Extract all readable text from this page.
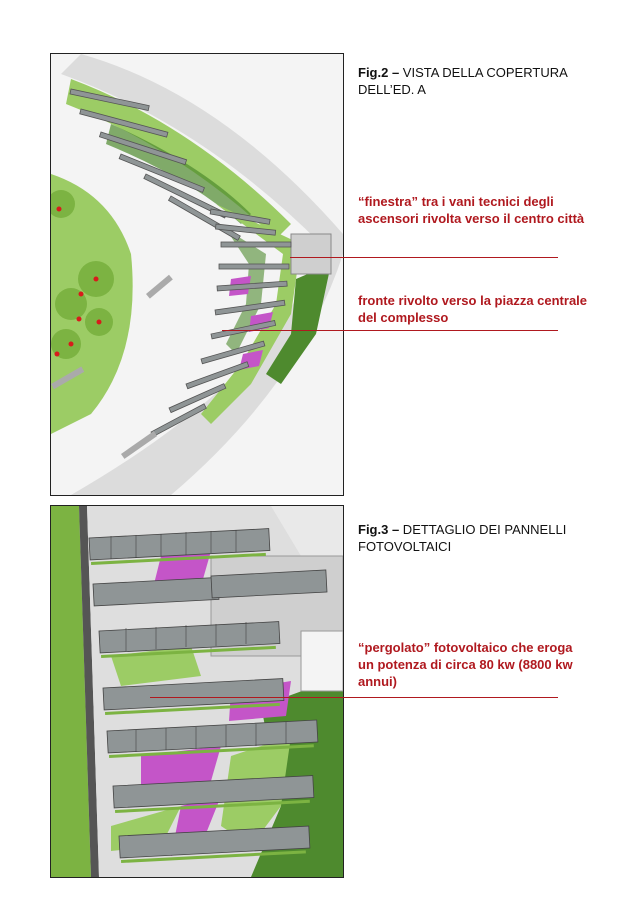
Fig.2 – VISTA DELLA COPERTURA DELL’ED. A
“finestra” tra i vani tecnici degli ascensori rivolta verso il centro città
fronte rivolto verso la piazza centrale del complesso
Fig.3 – DETTAGLIO DEI PANNELLI FOTOVOLTAICI
“pergolato” fotovoltaico che eroga un potenza di circa 80 kw (8800 kw annui)
